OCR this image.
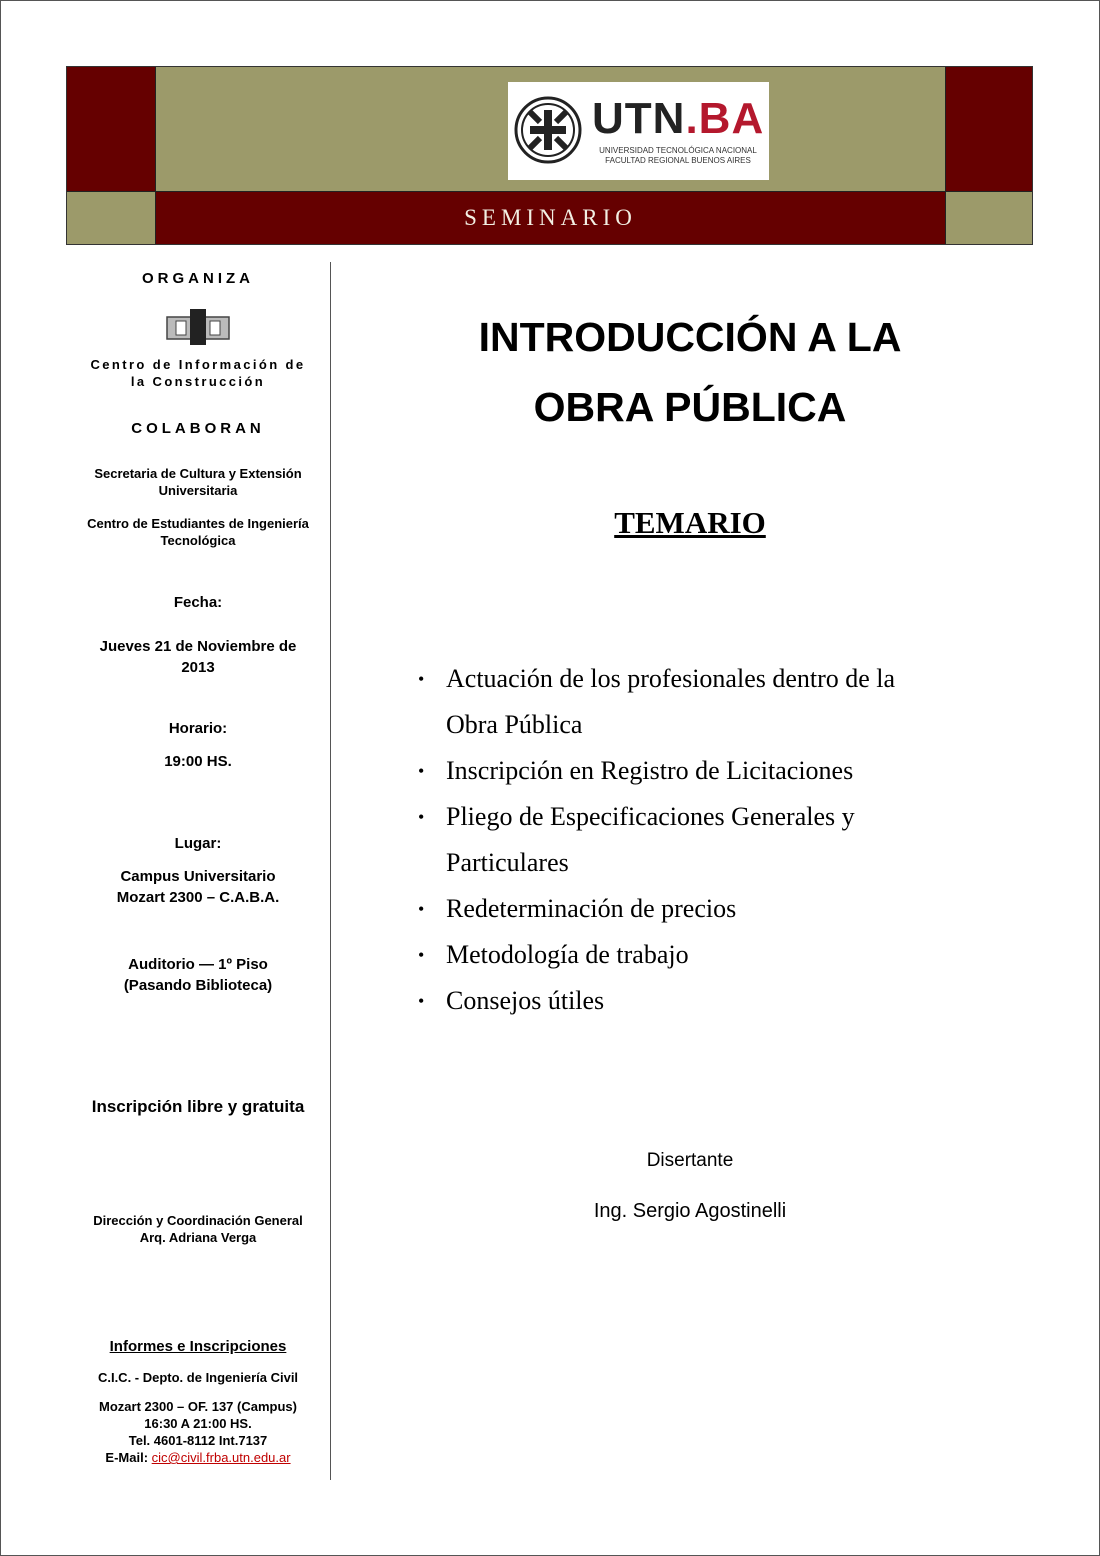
UTN.BA
UNIVERSIDAD TECNOLÓGICA NACIONAL
FACULTAD REGIONAL BUENOS AIRES
SEMINARIO
ORGANIZA
Centro de Información de
la Construcción
COLABORAN
Secretaria de Cultura y Extensión
Universitaria
Centro de Estudiantes de Ingeniería
Tecnológica
Fecha:
Jueves 21 de Noviembre de
2013
Horario:
19:00 HS.
Lugar:
Campus Universitario
Mozart 2300 – C.A.B.A.
Auditorio — 1º Piso
(Pasando Biblioteca)
Inscripción libre y gratuita
Dirección y Coordinación General
Arq. Adriana Verga
Informes e Inscripciones
C.I.C. - Depto. de Ingeniería Civil
Mozart 2300 – OF. 137 (Campus)
16:30 A 21:00 HS.
Tel. 4601-8112 Int.7137
E-Mail: cic@civil.frba.utn.edu.ar
INTRODUCCIÓN A LA
OBRA PÚBLICA
TEMARIO
• Actuación de los profesionales dentro de la
Obra Pública
• Inscripción en Registro de Licitaciones
• Pliego de Especificaciones Generales y
Particulares
• Redeterminación de precios
• Metodología de trabajo
• Consejos útiles
Disertante
Ing. Sergio Agostinelli
